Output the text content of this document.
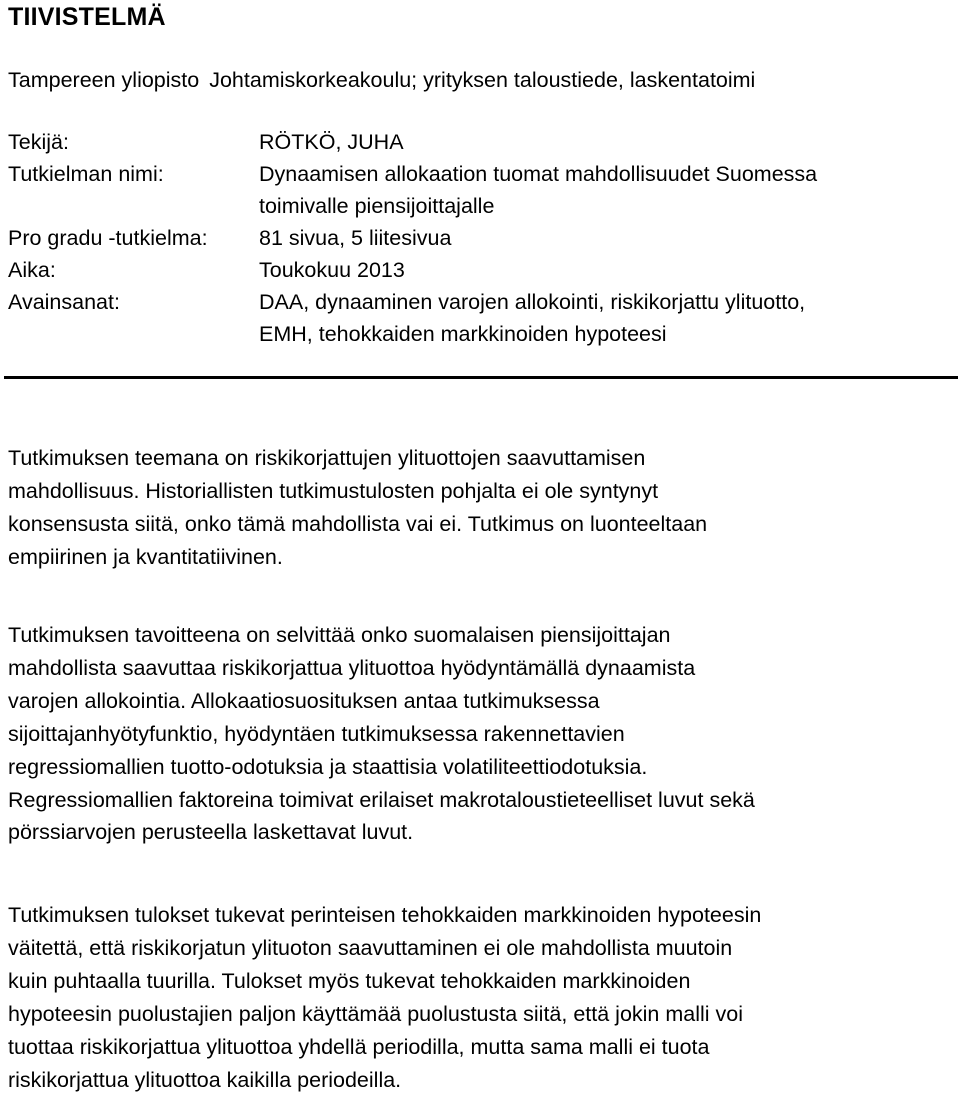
TIIVISTELMÄ
Tampereen yliopisto Johtamiskorkeakoulu; yrityksen taloustiede, laskentatoimi
Tekijä:	RÖTKÖ, JUHA
Tutkielman nimi:	Dynaamisen allokaation tuomat mahdollisuudet Suomessa
toimivalle piensijoittajalle
Pro gradu -tutkielma: 81 sivua, 5 liitesivua
Aika:	Toukokuu 2013
Avainsanat:	DAA, dynaaminen varojen allokointi, riskikorjattu ylituotto,
EMH, tehokkaiden markkinoiden hypoteesi
Tutkimuksen teemana on riskikorjattujen ylituottojen saavuttamisen
mahdollisuus. Historiallisten tutkimustulosten pohjalta ei ole syntynyt
konsensusta siitä, onko tämä mahdollista vai ei. Tutkimus on luonteeltaan
empiirinen ja kvantitatiivinen.
Tutkimuksen tavoitteena on selvittää onko suomalaisen piensijoittajan
mahdollista saavuttaa riskikorjattua ylituottoa hyödyntämällä dynaamista
varojen allokointia. Allokaatiosuosituksen antaa tutkimuksessa
sijoittajanhyötyfunktio, hyödyntäen tutkimuksessa rakennettavien
regressiomallien tuotto-odotuksia ja staattisia volatiliteettiodotuksia.
Regressiomallien faktoreina toimivat erilaiset makrotaloustieteelliset luvut sekä
pörssiarvojen perusteella laskettavat luvut.
Tutkimuksen tulokset tukevat perinteisen tehokkaiden markkinoiden hypoteesin
väitettä, että riskikorjatun ylituoton saavuttaminen ei ole mahdollista muutoin
kuin puhtaalla tuurilla. Tulokset myös tukevat tehokkaiden markkinoiden
hypoteesin puolustajien paljon käyttämää puolustusta siitä, että jokin malli voi
tuottaa riskikorjattua ylituottoa yhdellä periodilla, mutta sama malli ei tuota
riskikorjattua ylituottoa kaikilla periodeilla.
